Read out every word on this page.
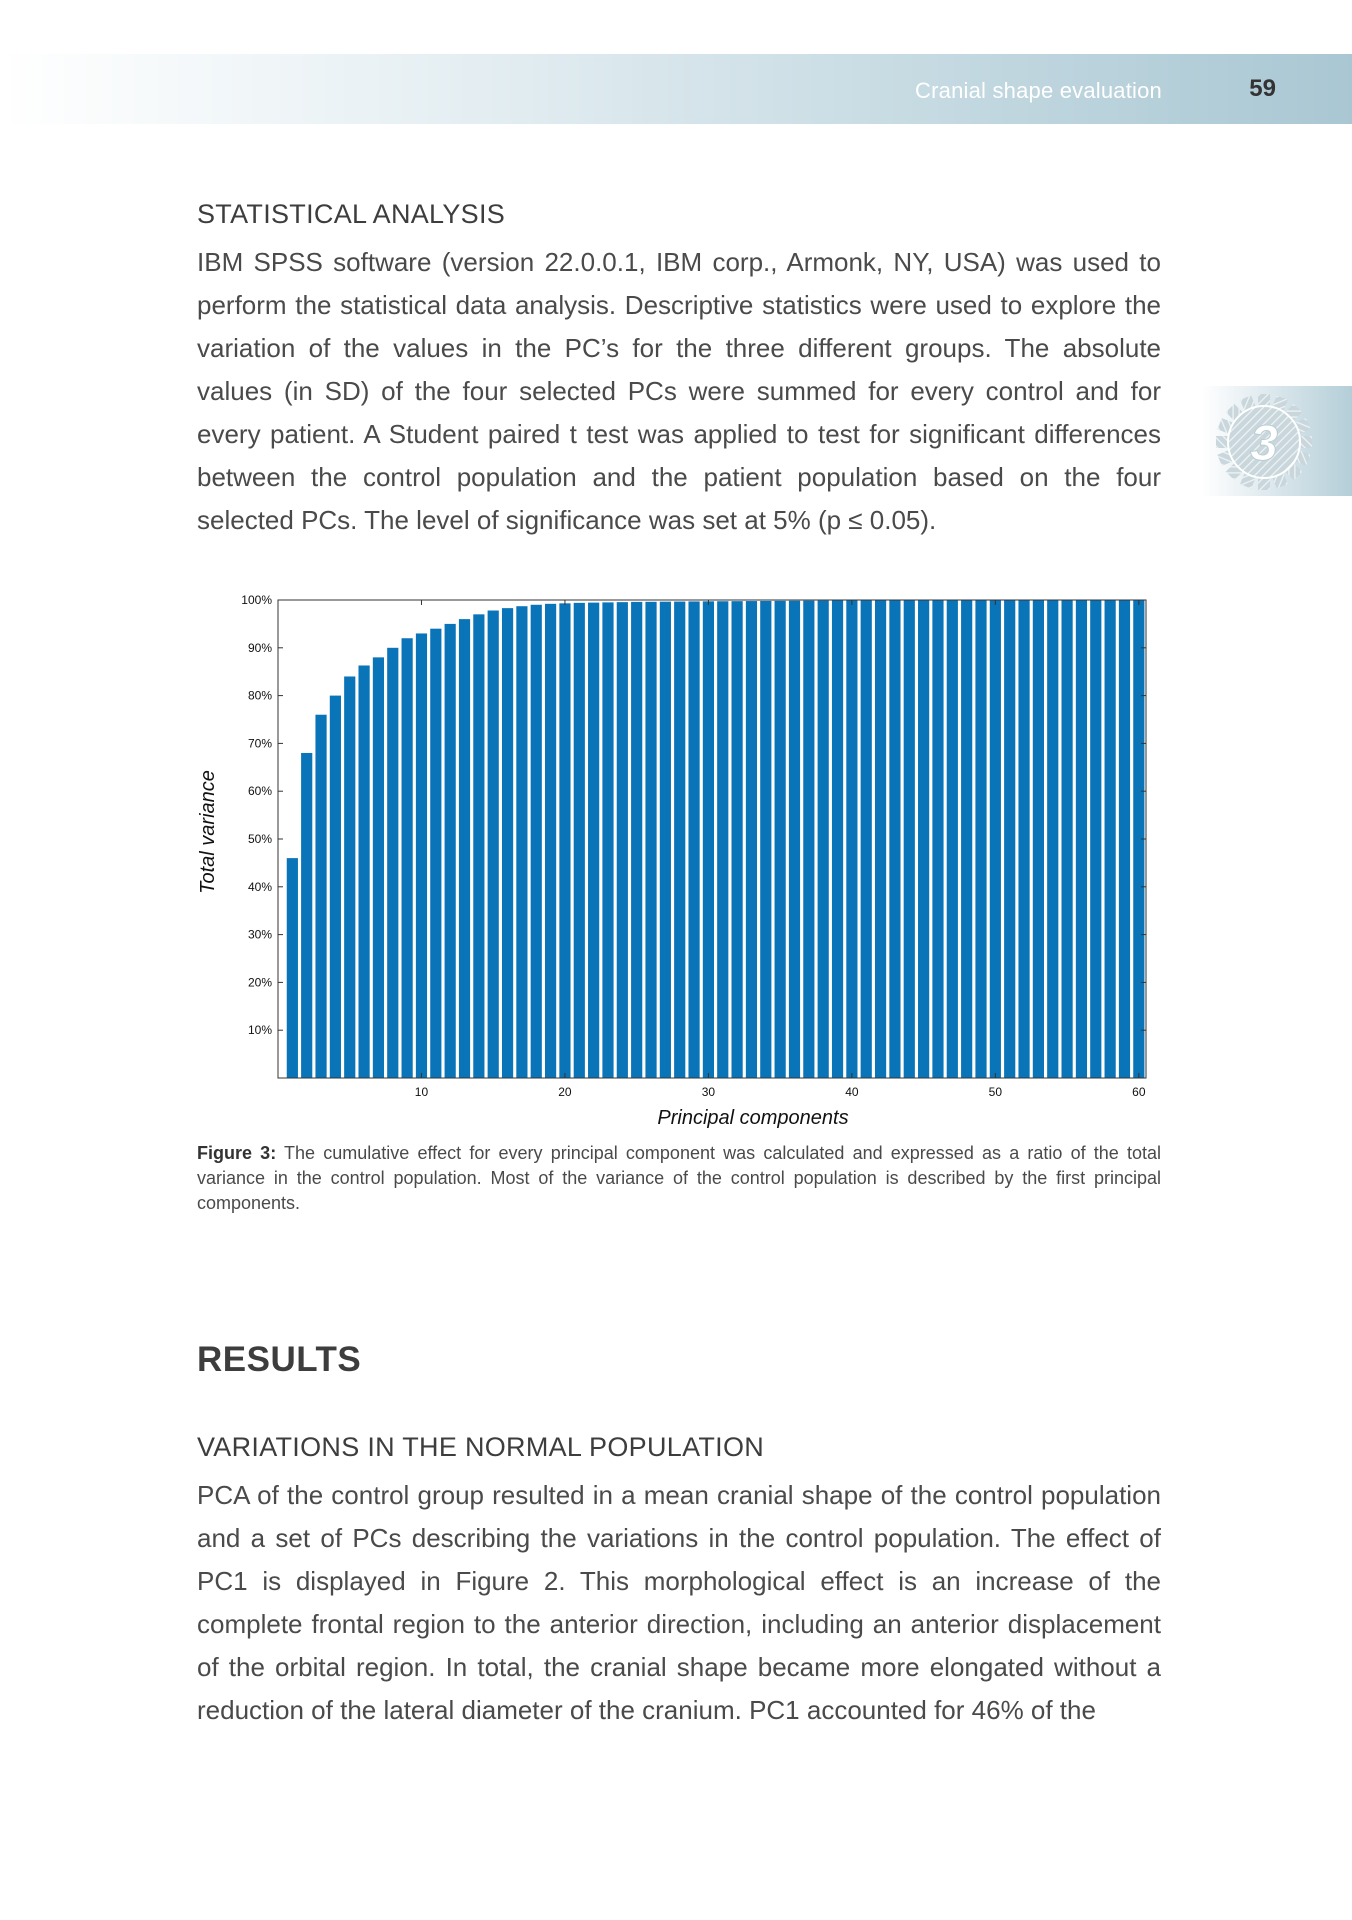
Cranial shape evaluation	59
3
STATISTICAL ANALYSIS

IBM SPSS software (version 22.0.0.1, IBM corp., Armonk, NY, USA) was used to perform the statistical data analysis. Descriptive statistics were used to explore the variation of the values in the PC’s for the three different groups. The absolute values (in SD) of the four selected PCs were summed for every control and for every patient. A Student paired t test was applied to test for significant differences between the control population and the patient population based on the four selected PCs. The level of significance was set at 5% (p ≤ 0.05).

10%
20%
30%
40%
50%
60%
70%
80%
90%
100%
10	20	30	40	50	60
Principal components
Total variance

Figure 3: The cumulative effect for every principal component was calculated and expressed as a ratio of the total variance in the control population. Most of the variance of the control population is described by the first principal components.

RESULTS
VARIATIONS IN THE NORMAL POPULATION

PCA of the control group resulted in a mean cranial shape of the control population and a set of PCs describing the variations in the control population. The effect of PC1 is displayed in Figure 2. This morphological effect is an increase of the complete frontal region to the anterior direction, including an anterior displacement of the orbital region. In total, the cranial shape became more elongated without a reduction of the lateral diameter of the cranium. PC1 accounted for 46% of the
